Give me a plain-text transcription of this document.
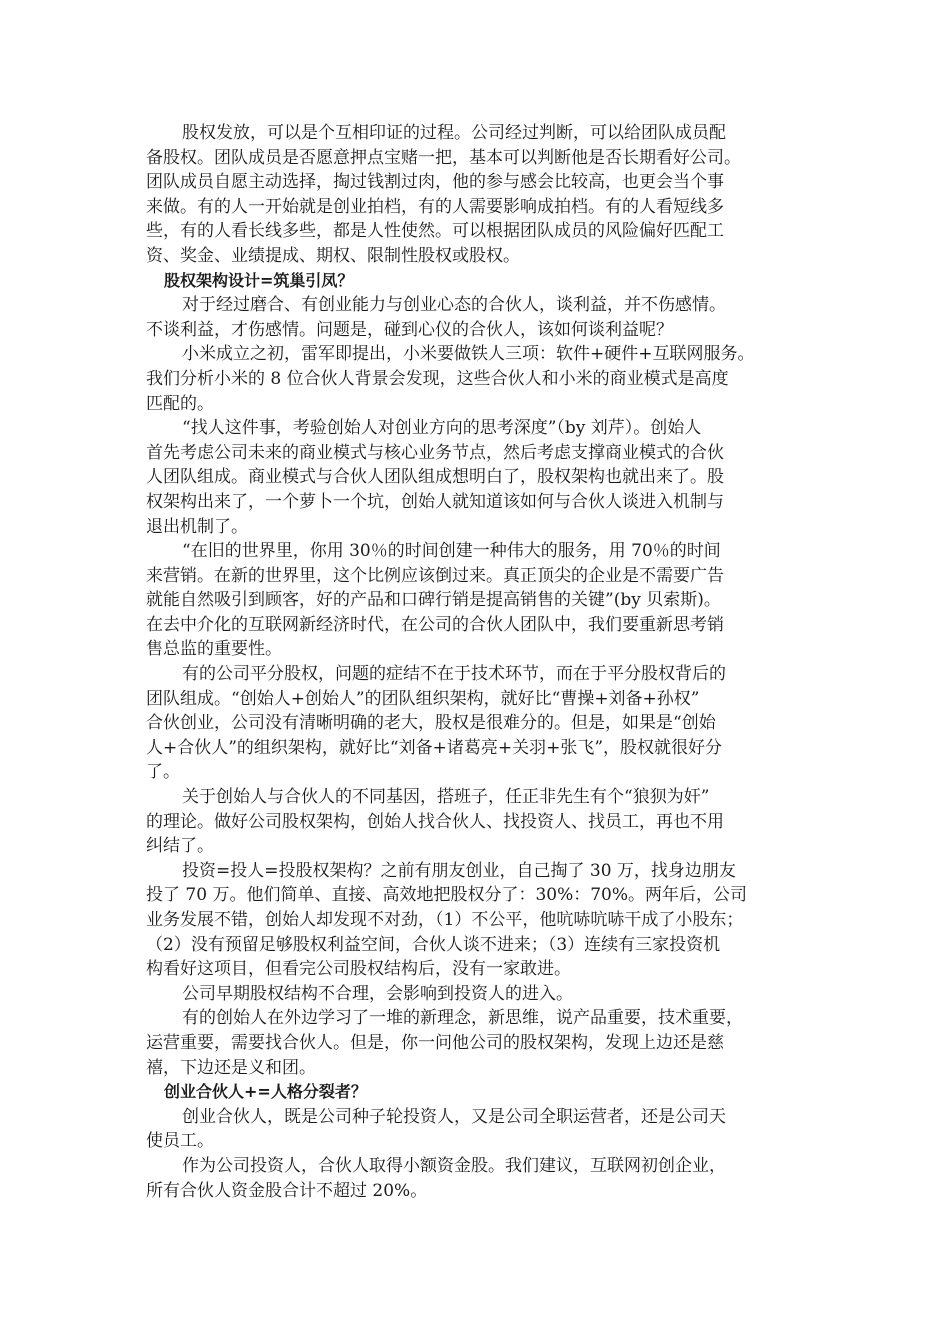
股权发放，可以是个互相印证的过程。公司经过判断，可以给团队成员配
备股权。团队成员是否愿意押点宝赌一把，基本可以判断他是否长期看好公司。
团队成员自愿主动选择，掏过钱割过肉，他的参与感会比较高，也更会当个事
来做。有的人一开始就是创业拍档，有的人需要影响成拍档。有的人看短线多
些，有的人看长线多些，都是人性使然。可以根据团队成员的风险偏好匹配工
资、奖金、业绩提成、期权、限制性股权或股权。
股权架构设计=筑巢引凤？
对于经过磨合、有创业能力与创业心态的合伙人，谈利益，并不伤感情。
不谈利益，才伤感情。问题是，碰到心仪的合伙人，该如何谈利益呢？
小米成立之初，雷军即提出，小米要做铁人三项：软件+硬件+互联网服务。
我们分析小米的 8 位合伙人背景会发现，这些合伙人和小米的商业模式是高度
匹配的。
“找人这件事，考验创始人对创业方向的思考深度”（by 刘芹）。创始人
首先考虑公司未来的商业模式与核心业务节点，然后考虑支撑商业模式的合伙
人团队组成。商业模式与合伙人团队组成想明白了，股权架构也就出来了。股
权架构出来了，一个萝卜一个坑，创始人就知道该如何与合伙人谈进入机制与
退出机制了。
“在旧的世界里，你用 30％的时间创建一种伟大的服务，用 70％的时间
来营销。在新的世界里，这个比例应该倒过来。真正顶尖的企业是不需要广告
就能自然吸引到顾客，好的产品和口碑行销是提高销售的关键”(by 贝索斯)。
在去中介化的互联网新经济时代，在公司的合伙人团队中，我们要重新思考销
售总监的重要性。
有的公司平分股权，问题的症结不在于技术环节，而在于平分股权背后的
团队组成。“创始人+创始人”的团队组织架构，就好比“曹操+刘备+孙权”
合伙创业，公司没有清晰明确的老大，股权是很难分的。但是，如果是“创始
人+合伙人”的组织架构，就好比“刘备+诸葛亮+关羽+张飞”，股权就很好分
了。
关于创始人与合伙人的不同基因，搭班子，任正非先生有个“狼狈为奸”
的理论。做好公司股权架构，创始人找合伙人、找投资人、找员工，再也不用
纠结了。
投资=投人=投股权架构？之前有朋友创业，自己掏了 30 万，找身边朋友
投了 70 万。他们简单、直接、高效地把股权分了：30%：70%。两年后，公司
业务发展不错，创始人却发现不对劲，（1）不公平，他吭哧吭哧干成了小股东；
（2）没有预留足够股权利益空间，合伙人谈不进来；（3）连续有三家投资机
构看好这项目，但看完公司股权结构后，没有一家敢进。
公司早期股权结构不合理，会影响到投资人的进入。
有的创始人在外边学习了一堆的新理念，新思维，说产品重要，技术重要，
运营重要，需要找合伙人。但是，你一问他公司的股权架构，发现上边还是慈
禧，下边还是义和团。
创业合伙人+=人格分裂者？
创业合伙人，既是公司种子轮投资人，又是公司全职运营者，还是公司天
使员工。
作为公司投资人，合伙人取得小额资金股。我们建议，互联网初创企业，
所有合伙人资金股合计不超过 20%。
